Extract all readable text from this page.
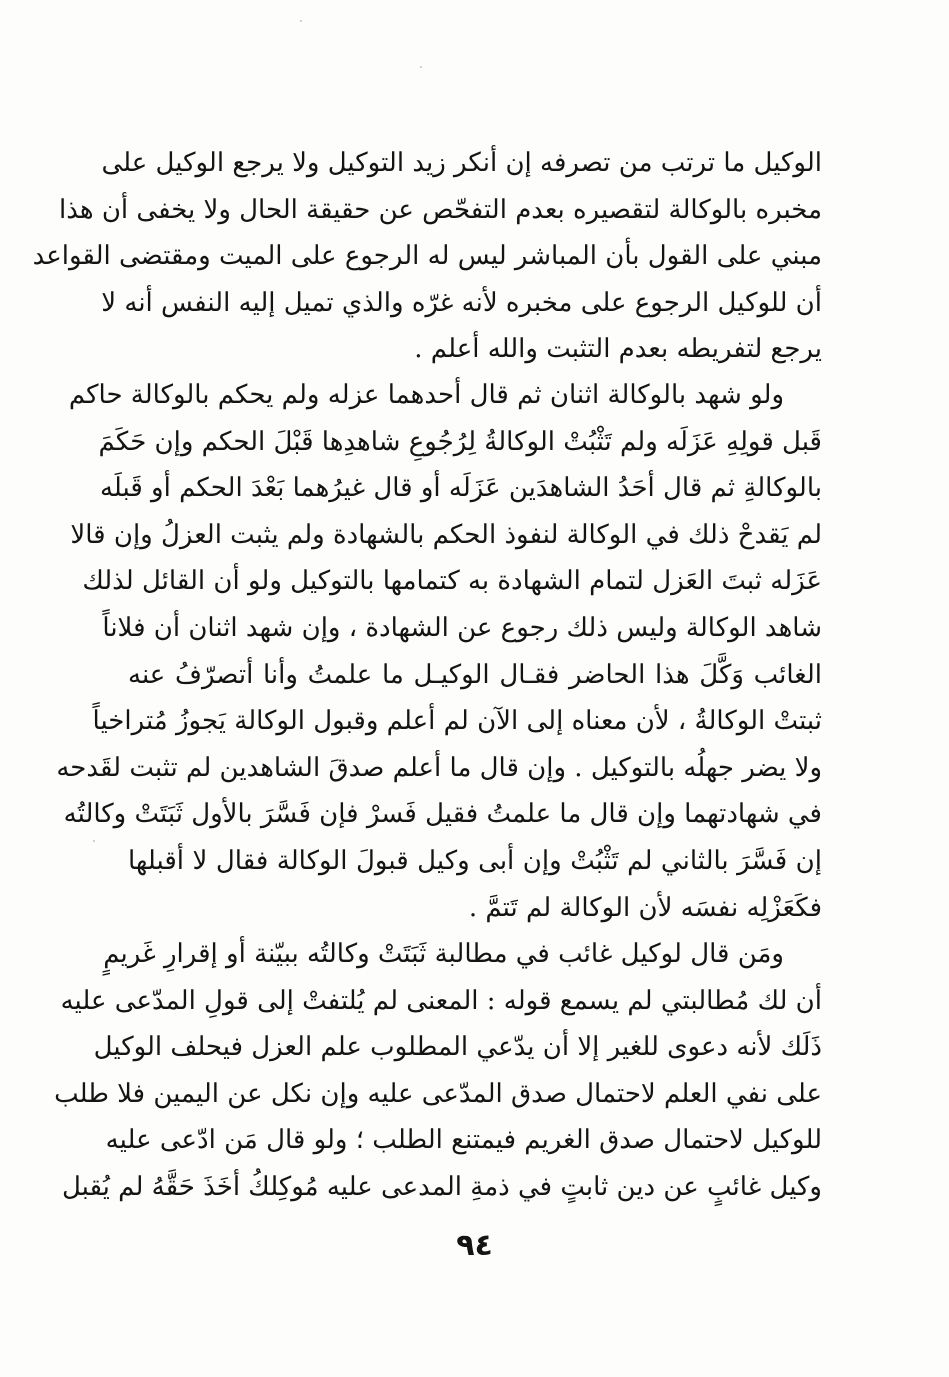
الوكيل ما ترتب من تصرفه إن أنكر زيد التوكيل ولا يرجع الوكيل على
مخبره بالوكالة لتقصيره بعدم التفحّص عن حقيقة الحال ولا يخفى أن هذا
مبني على القول بأن المباشر ليس له الرجوع على الميت ومقتضى القواعد
أن للوكيل الرجوع على مخبره لأنه غرّه والذي تميل إليه النفس أنه لا
يرجع لتفريطه بعدم التثبت والله أعلم .
ولو شهد بالوكالة اثنان ثم قال أحدهما عزله ولم يحكم بالوكالة حاكم
قَبل قولِهِ عَزَلَه ولم تَثْبُتْ الوكالةُ لِرُجُوعِ شاهدِها قَبْلَ الحكم وإن حَكَمَ
بالوكالةِ ثم قال أحَدُ الشاهدَين عَزَلَه أو قال غيرُهما بَعْدَ الحكم أو قَبلَه
لم يَقدحْ ذلك في الوكالة لنفوذ الحكم بالشهادة ولم يثبت العزلُ وإن قالا
عَزَله ثبتَ العَزل لتمام الشهادة به كتمامها بالتوكيل ولو أن القائل لذلك
شاهد الوكالة وليس ذلك رجوع عن الشهادة ، وإن شهد اثنان أن فلاناً
الغائب وَكَّلَ هذا الحاضر فقـال الوكيـل ما علمتُ وأنا أتصرّفُ عنه
ثبتتْ الوكالةُ ، لأن معناه إلى الآن لم أعلم وقبول الوكالة يَجوزُ مُتراخياً
ولا يضر جهلُه بالتوكيل . وإن قال ما أعلم صدقَ الشاهدين لم تثبت لقَدحه
في شهادتهما وإن قال ما علمتُ فقيل فَسرْ فإن فَسَّرَ بالأول ثَبَتَتْ وكالتُه
إن فَسَّرَ بالثاني لم تَثْبُتْ وإن أبى وكيل قبولَ الوكالة فقال لا أقبلها
فكَعَزْلِه نفسَه لأن الوكالة لم تَتمَّ .
ومَن قال لوكيل غائب في مطالبة ثَبَتَتْ وكالتُه ببيّنة أو إقرارِ غَريمٍ
أن لك مُطالبتي لم يسمع قوله : المعنى لم يُلتفتْ إلى قولِ المدّعى عليه
ذَلَك لأنه دعوى للغير إلا أن يدّعي المطلوب علم العزل فيحلف الوكيل
على نفي العلم لاحتمال صدق المدّعى عليه وإن نكل عن اليمين فلا طلب
للوكيل لاحتمال صدق الغريم فيمتنع الطلب ؛ ولو قال مَن ادّعى عليه
وكيل غائبٍ عن دين ثابتٍ في ذمةِ المدعى عليه مُوكِلكُ أخَذَ حَقَّهُ لم يُقبل
٩٤
